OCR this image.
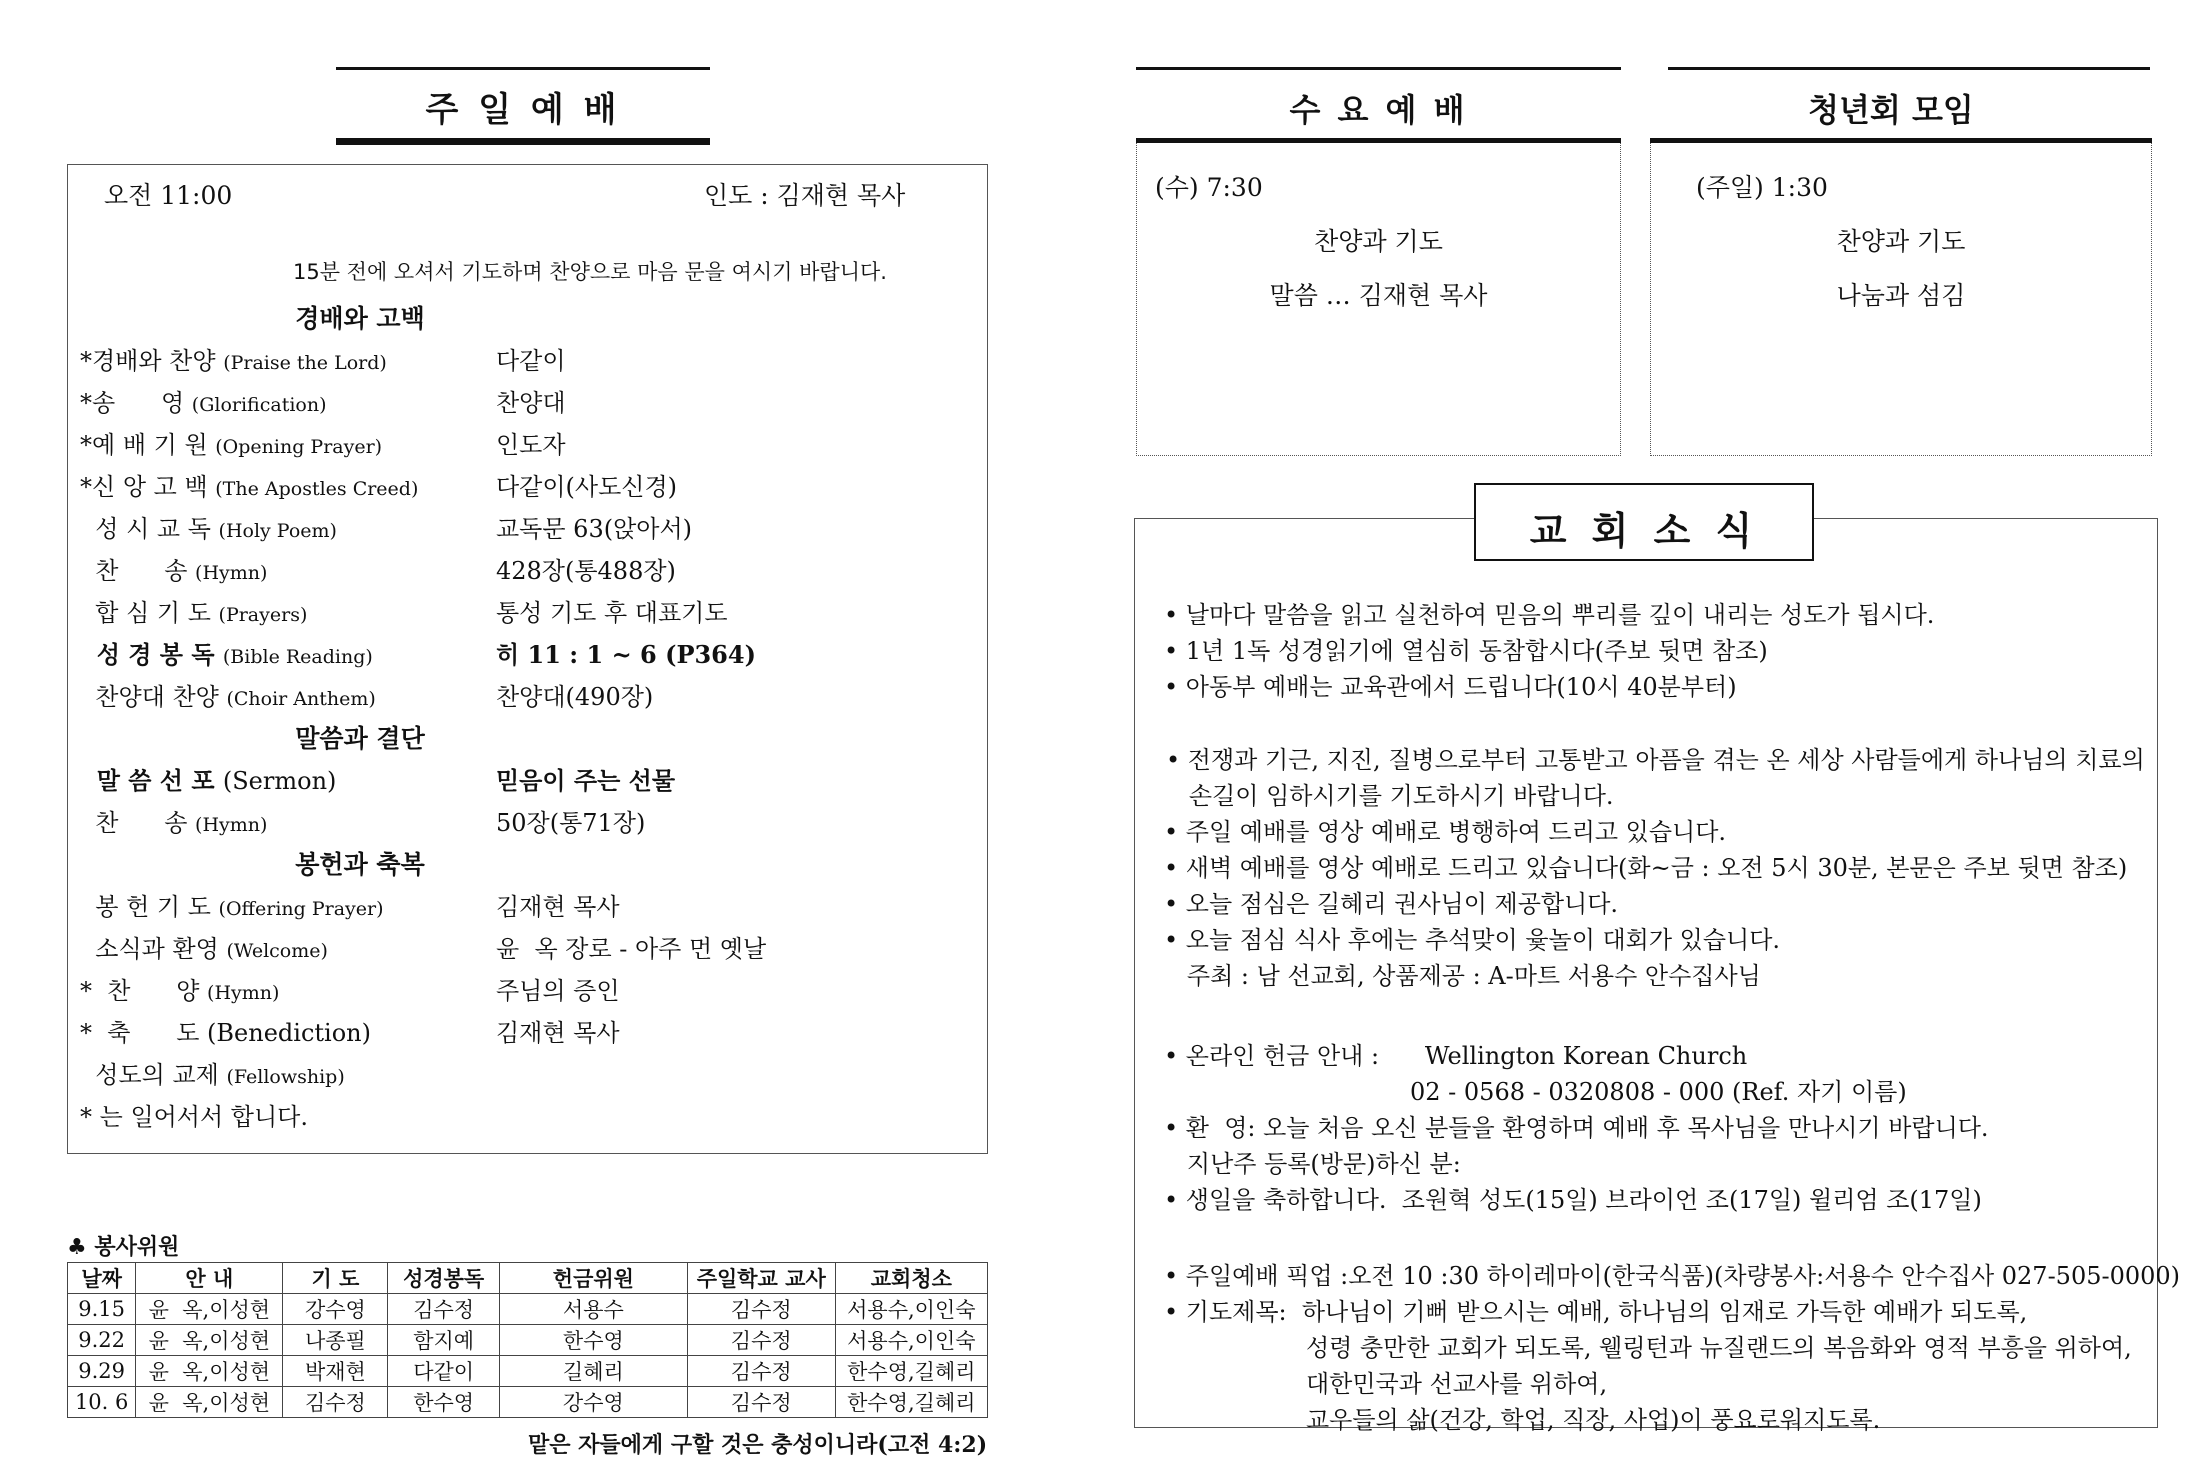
주 일 예 배
오전 11:00	인도 : 김재현 목사
15분 전에 오셔서 기도하며 찬양으로 마음 문을 여시기 바랍니다.
경배와 고백
*경배와 찬양 (Praise the Lord)	다같이
*송      영 (Glorification)	찬양대
*예 배 기 원 (Opening Prayer)	인도자
*신 앙 고 백 (The Apostles Creed)	다같이(사도신경)
성 시 교 독 (Holy Poem)	교독문 63(앉아서)
찬      송 (Hymn)	428장(통488장)
합 심 기 도 (Prayers)	통성 기도 후 대표기도
성 경 봉 독 (Bible Reading)	히 11 : 1 ~ 6 (P364)
찬양대 찬양 (Choir Anthem)	찬양대(490장)
말씀과 결단
말 씀 선 포 (Sermon)	믿음이 주는 선물
찬      송 (Hymn)	50장(통71장)
봉헌과 축복
봉 헌 기 도 (Offering Prayer)	김재현 목사
소식과 환영 (Welcome)	윤  옥 장로 - 아주 먼 옛날
*  찬      양 (Hymn)	주님의 증인
*  축      도 (Benediction)	김재현 목사
성도의 교제 (Fellowship)
* 는 일어서서 합니다.
♣ 봉사위원
날짜	안 내	기 도	성경봉독	헌금위원	주일학교 교사	교회청소
9.15	윤  옥,이성현	강수영	김수정	서용수	김수정	서용수,이인숙
9.22	윤  옥,이성현	나종필	함지예	한수영	김수정	서용수,이인숙
9.29	윤  옥,이성현	박재현	다같이	길혜리	김수정	한수영,길혜리
10. 6	윤  옥,이성현	김수정	한수영	강수영	김수정	한수영,길혜리
맡은 자들에게 구할 것은 충성이니라(고전 4:2)
수 요 예 배
(수) 7:30
찬양과 기도
말씀 … 김재현 목사
청년회 모임
(주일) 1:30
찬양과 기도
나눔과 섬김
교 회 소 식
• 날마다 말씀을 읽고 실천하여 믿음의 뿌리를 깊이 내리는 성도가 됩시다.
• 1년 1독 성경읽기에 열심히 동참합시다(주보 뒷면 참조)
• 아동부 예배는 교육관에서 드립니다(10시 40분부터)
• 전쟁과 기근, 지진, 질병으로부터 고통받고 아픔을 겪는 온 세상 사람들에게 하나님의 치료의
손길이 임하시기를 기도하시기 바랍니다.
• 주일 예배를 영상 예배로 병행하여 드리고 있습니다.
• 새벽 예배를 영상 예배로 드리고 있습니다(화~금 : 오전 5시 30분, 본문은 주보 뒷면 참조)
• 오늘 점심은 길혜리 권사님이 제공합니다.
• 오늘 점심 식사 후에는 추석맞이 윷놀이 대회가 있습니다.
주최 : 남 선교회, 상품제공 : A-마트 서용수 안수집사님
• 온라인 헌금 안내 :      Wellington Korean Church
02 - 0568 - 0320808 - 000 (Ref. 자기 이름)
• 환  영: 오늘 처음 오신 분들을 환영하며 예배 후 목사님을 만나시기 바랍니다.
지난주 등록(방문)하신 분:
• 생일을 축하합니다.  조원혁 성도(15일) 브라이언 조(17일) 윌리엄 조(17일)
• 주일예배 픽업 :오전 10 :30 하이레마이(한국식품)(차량봉사:서용수 안수집사 027-505-0000)
• 기도제목:  하나님이 기뻐 받으시는 예배, 하나님의 임재로 가득한 예배가 되도록,
성령 충만한 교회가 되도록, 웰링턴과 뉴질랜드의 복음화와 영적 부흥을 위하여,
대한민국과 선교사를 위하여,
교우들의 삶(건강, 학업, 직장, 사업)이 풍요로워지도록.
